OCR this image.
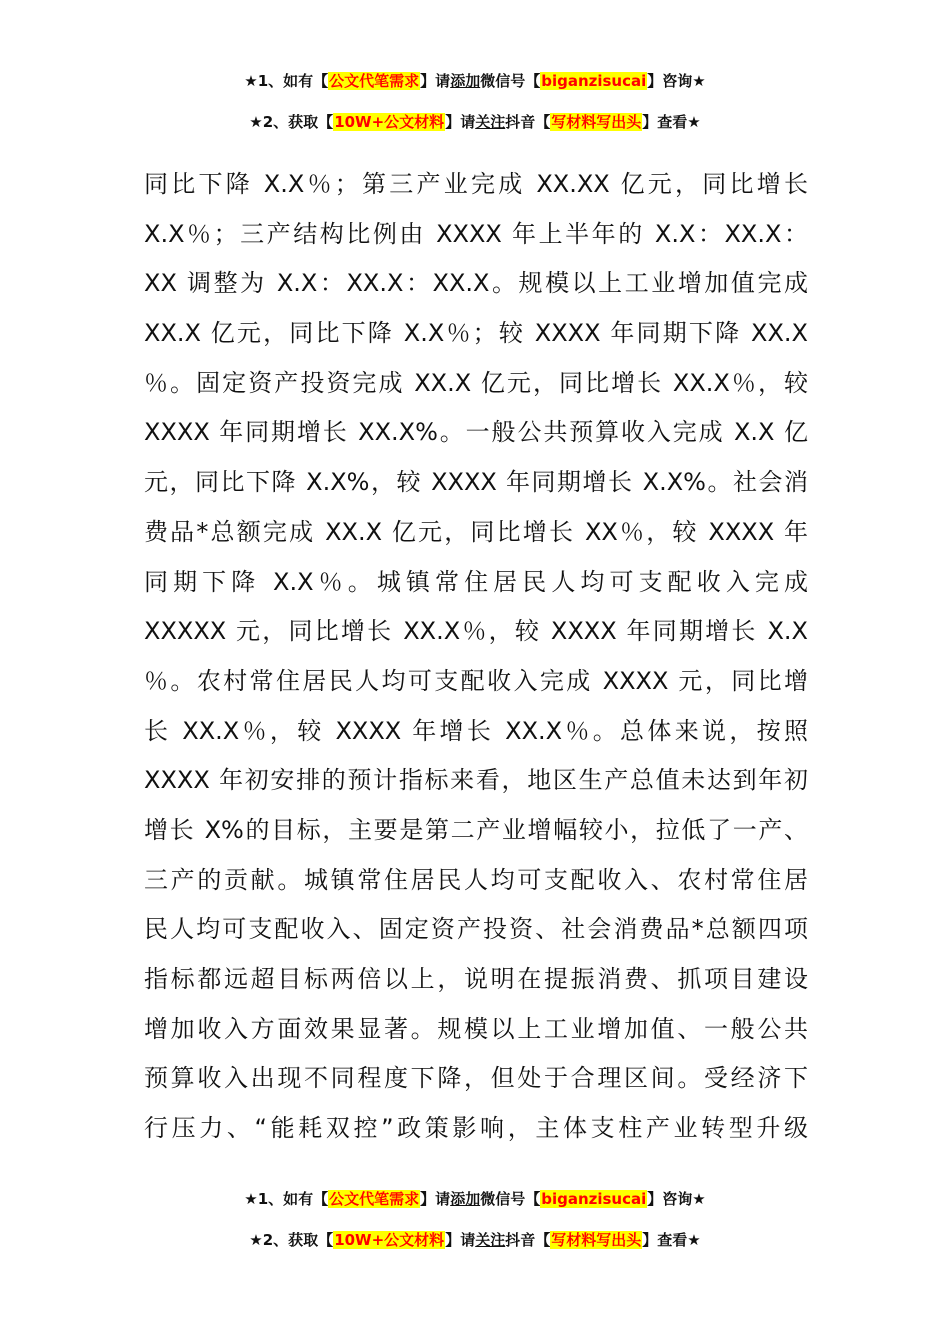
★1、如有【公文代笔需求】请添加微信号【biganzisucai】咨询★
★2、获取【10W+公文材料】请关注抖音【写材料写出头】查看★
同比下降 X.X％；第三产业完成 XX.XX 亿元，同比增长
X.X％；三产结构比例由 XXXX 年上半年的 X.X：XX.X：
XX 调整为 X.X：XX.X：XX.X。规模以上工业增加值完成
XX.X 亿元，同比下降 X.X％；较 XXXX 年同期下降 XX.X
％。固定资产投资完成 XX.X 亿元，同比增长 XX.X％，较
XXXX 年同期增长 XX.X%。一般公共预算收入完成 X.X 亿
元，同比下降 X.X%，较 XXXX 年同期增长 X.X%。社会消
费品*总额完成 XX.X 亿元，同比增长 XX％，较 XXXX 年
同期下降 X.X％。城镇常住居民人均可支配收入完成
XXXXX 元，同比增长 XX.X％，较 XXXX 年同期增长 X.X
％。农村常住居民人均可支配收入完成 XXXX 元，同比增
长 XX.X％，较 XXXX 年增长 XX.X％。总体来说，按照
XXXX 年初安排的预计指标来看，地区生产总值未达到年初
增长 X%的目标，主要是第二产业增幅较小，拉低了一产、
三产的贡献。城镇常住居民人均可支配收入、农村常住居
民人均可支配收入、固定资产投资、社会消费品*总额四项
指标都远超目标两倍以上，说明在提振消费、抓项目建设
增加收入方面效果显著。规模以上工业增加值、一般公共
预算收入出现不同程度下降，但处于合理区间。受经济下
行压力、“能耗双控”政策影响，主体支柱产业转型升级
★1、如有【公文代笔需求】请添加微信号【biganzisucai】咨询★
★2、获取【10W+公文材料】请关注抖音【写材料写出头】查看★
